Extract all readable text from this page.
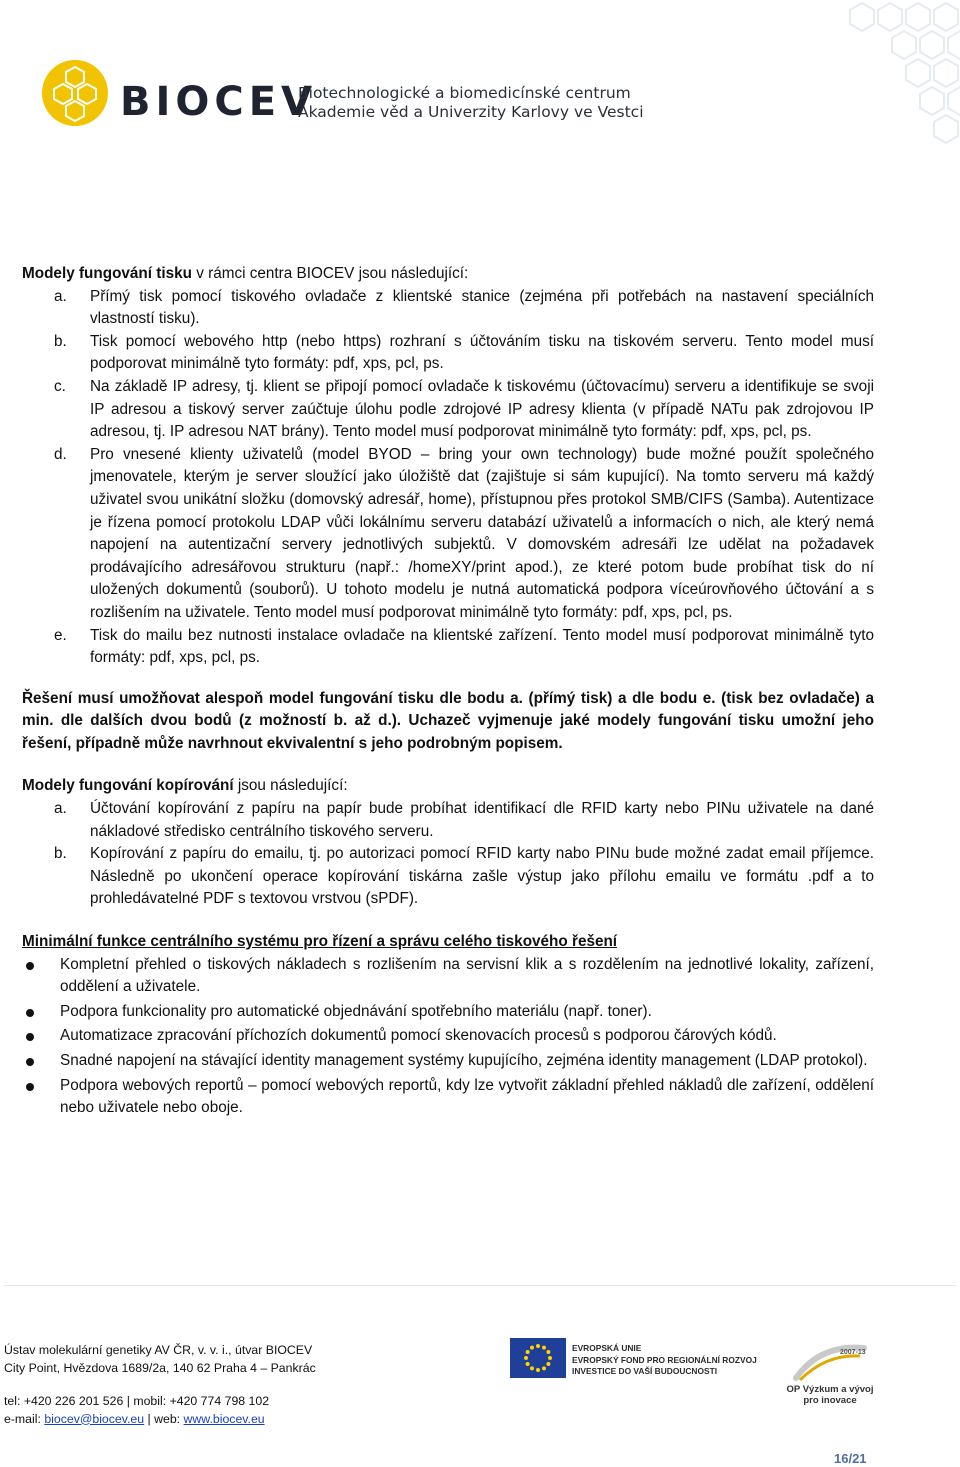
BIOCEV
Biotechnologické a biomedicínské centrum
Akademie věd a Univerzity Karlovy ve Vestci

Modely fungování tisku v rámci centra BIOCEV jsou následující:

a. Přímý tisk pomocí tiskového ovladače z klientské stanice (zejména při potřebách na nastavení speciálních vlastností tisku).
b. Tisk pomocí webového http (nebo https) rozhraní s účtováním tisku na tiskovém serveru. Tento model musí podporovat minimálně tyto formáty: pdf, xps, pcl, ps.
c. Na základě IP adresy, tj. klient se připojí pomocí ovladače k tiskovému (účtovacímu) serveru a identifikuje se svoji IP adresou a tiskový server zaúčtuje úlohu podle zdrojové IP adresy klienta (v případě NATu pak zdrojovou IP adresou, tj. IP adresou NAT brány). Tento model musí podporovat minimálně tyto formáty: pdf, xps, pcl, ps.
d. Pro vnesené klienty uživatelů (model BYOD – bring your own technology) bude možné použít společného jmenovatele, kterým je server sloužící jako úložiště dat (zajištuje si sám kupující). Na tomto serveru má každý uživatel svou unikátní složku (domovský adresář, home), přístupnou přes protokol SMB/CIFS (Samba). Autentizace je řízena pomocí protokolu LDAP vůči lokálnímu serveru databází uživatelů a informacích o nich, ale který nemá napojení na autentizační servery jednotlivých subjektů. V domovském adresáři lze udělat na požadavek prodávajícího adresářovou strukturu (např.: /homeXY/print apod.), ze které potom bude probíhat tisk do ní uložených dokumentů (souborů). U tohoto modelu je nutná automatická podpora víceúrovňového účtování a s rozlišením na uživatele. Tento model musí podporovat minimálně tyto formáty: pdf, xps, pcl, ps.
e. Tisk do mailu bez nutnosti instalace ovladače na klientské zařízení. Tento model musí podporovat minimálně tyto formáty: pdf, xps, pcl, ps.

Řešení musí umožňovat alespoň model fungování tisku dle bodu a. (přímý tisk) a dle bodu e. (tisk bez ovladače) a min. dle dalších dvou bodů (z možností b. až d.). Uchazeč vyjmenuje jaké modely fungování tisku umožní jeho řešení, případně může navrhnout ekvivalentní s jeho podrobným popisem.

Modely fungování kopírování jsou následující:

a. Účtování kopírování z papíru na papír bude probíhat identifikací dle RFID karty nebo PINu uživatele na dané nákladové středisko centrálního tiskového serveru.
b. Kopírování z papíru do emailu, tj. po autorizaci pomocí RFID karty nabo PINu bude možné zadat email příjemce. Následně po ukončení operace kopírování tiskárna zašle výstup jako přílohu emailu ve formátu .pdf a to prohledávatelné PDF s textovou vrstvou (sPDF).

Minimální funkce centrálního systému pro řízení a správu celého tiskového řešení

Kompletní přehled o tiskových nákladech s rozlišením na servisní klik a s rozdělením na jednotlivé lokality, zařízení, oddělení a uživatele.
Podpora funkcionality pro automatické objednávání spotřebního materiálu (např. toner).
Automatizace zpracování příchozích dokumentů pomocí skenovacích procesů s podporou čárových kódů.
Snadné napojení na stávající identity management systémy kupujícího, zejména identity management (LDAP protokol).
Podpora webových reportů – pomocí webových reportů, kdy lze vytvořit základní přehled nákladů dle zařízení, oddělení nebo uživatele nebo oboje.
Ústav molekulární genetiky AV ČR, v. v. i., útvar BIOCEV
City Point, Hvězdova 1689/2a, 140 62 Praha 4 – Pankrác
tel: +420 226 201 526 | mobil: +420 774 798 102
e-mail: biocev@biocev.eu | web: www.biocev.eu
EVROPSKÁ UNIE
EVROPSKÝ FOND PRO REGIONÁLNÍ ROZVOJ
INVESTICE DO VAŠÍ BUDOUCNOSTI
2007-13
OP Výzkum a vývoj
pro inovace
16/21
